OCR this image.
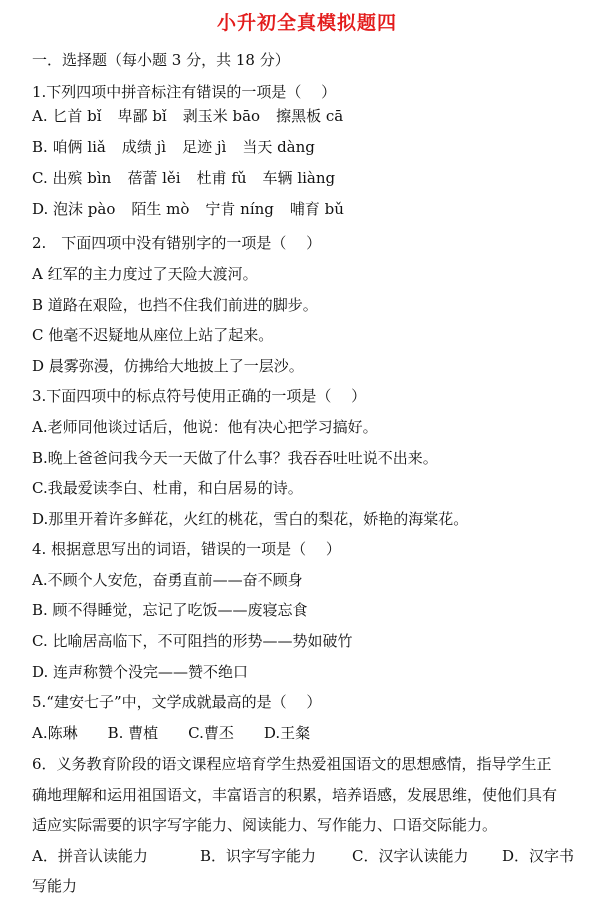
小升初全真模拟题四
一．选择题（每小题 3 分，共 18 分）
1.下列四项中拼音标注有错误的一项是（　 ）
A. 匕首 bǐ 卑鄙 bǐ 剥玉米 bāo 擦黑板 cā
B. 咱俩 liǎ 成绩 jì 足迹 jì 当天 dàng
C. 出殡 bìn 蓓蕾 lěi 杜甫 fǔ 车辆 liàng
D. 泡沫 pào 陌生 mò 宁肯 níng 哺育 bǔ
2.　下面四项中没有错别字的一项是（　 ）
A 红军的主力度过了天险大渡河。
B 道路在艰险，也挡不住我们前进的脚步。
C 他毫不迟疑地从座位上站了起来。
D 晨雾弥漫，仿拂给大地披上了一层沙。
3.下面四项中的标点符号使用正确的一项是（　 ）
A.老师同他谈过话后，他说：他有决心把学习搞好。
B.晚上爸爸问我今天一天做了什么事？我吞吞吐吐说不出来。
C.我最爱读李白、杜甫，和白居易的诗。
D.那里开着许多鲜花，火红的桃花，雪白的梨花，娇艳的海棠花。
4. 根据意思写出的词语，错误的一项是（　 ）
A.不顾个人安危，奋勇直前——奋不顾身
B. 顾不得睡觉，忘记了吃饭——废寝忘食
C. 比喻居高临下，不可阻挡的形势——势如破竹
D. 连声称赞个没完——赞不绝口
5.“建安七子”中，文学成就最高的是（　 ）
A.陈琳 B. 曹植 C.曹丕 D.王粲
6．义务教育阶段的语文课程应培育学生热爱祖国语文的思想感情，指导学生正
确地理解和运用祖国语文，丰富语言的积累，培养语感，发展思维，使他们具有
适应实际需要的识字写字能力、阅读能力、写作能力、口语交际能力。
A．拼音认读能力	B．识字写字能力 C．汉字认读能力 D．汉字书
写能力
